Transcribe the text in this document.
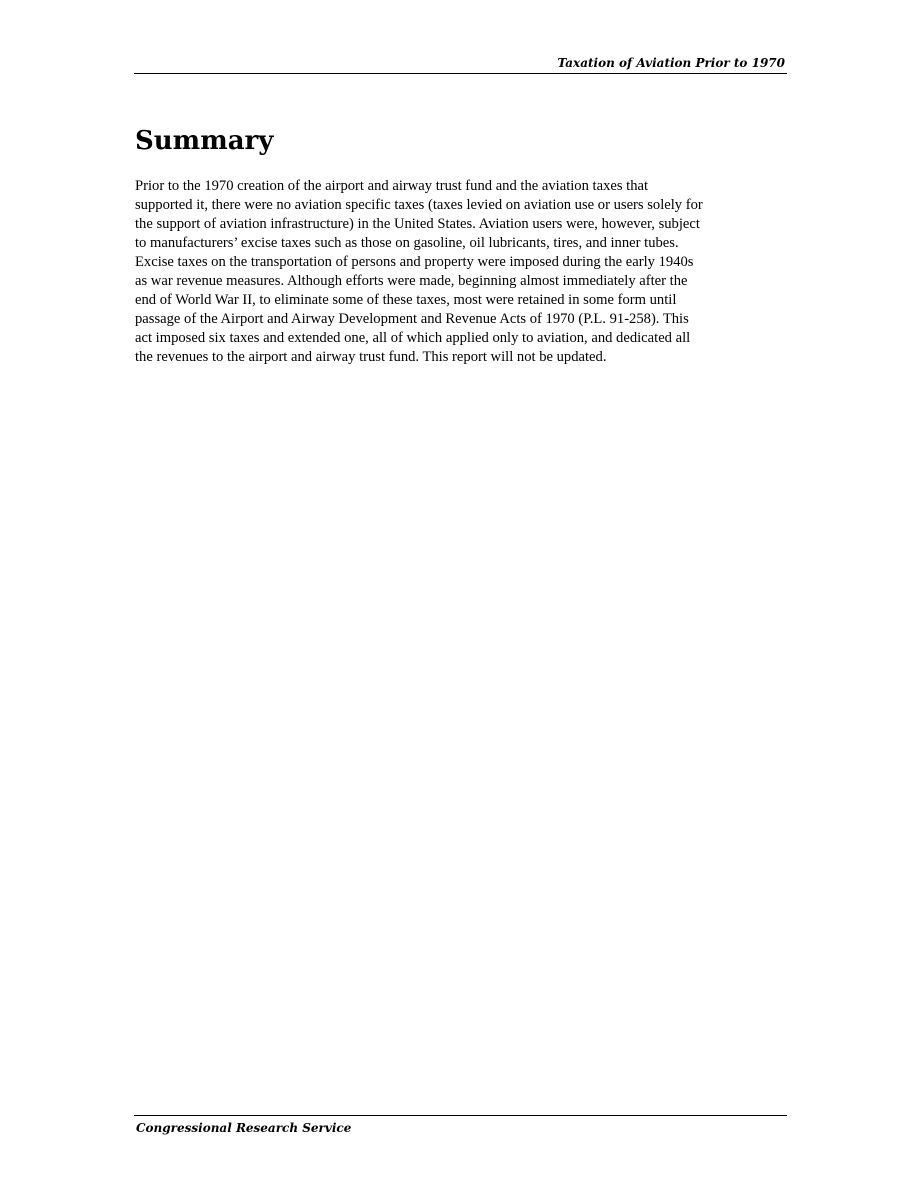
Taxation of Aviation Prior to 1970
Summary

Prior to the 1970 creation of the airport and airway trust fund and the aviation taxes that
supported it, there were no aviation specific taxes (taxes levied on aviation use or users solely for
the support of aviation infrastructure) in the United States. Aviation users were, however, subject
to manufacturers’ excise taxes such as those on gasoline, oil lubricants, tires, and inner tubes.
Excise taxes on the transportation of persons and property were imposed during the early 1940s
as war revenue measures. Although efforts were made, beginning almost immediately after the
end of World War II, to eliminate some of these taxes, most were retained in some form until
passage of the Airport and Airway Development and Revenue Acts of 1970 (P.L. 91-258). This
act imposed six taxes and extended one, all of which applied only to aviation, and dedicated all
the revenues to the airport and airway trust fund. This report will not be updated.

Congressional Research Service
